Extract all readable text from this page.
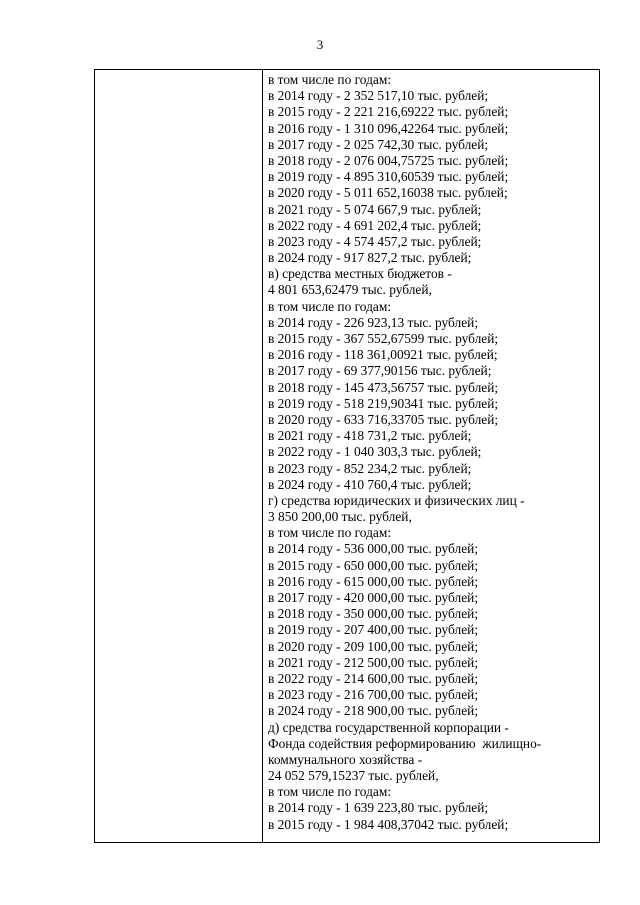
3
в том числе по годам:
в 2014 году - 2 352 517,10 тыс. рублей;
в 2015 году - 2 221 216,69222 тыс. рублей;
в 2016 году - 1 310 096,42264 тыс. рублей;
в 2017 году - 2 025 742,30 тыс. рублей;
в 2018 году - 2 076 004,75725 тыс. рублей;
в 2019 году - 4 895 310,60539 тыс. рублей;
в 2020 году - 5 011 652,16038 тыс. рублей;
в 2021 году - 5 074 667,9 тыс. рублей;
в 2022 году - 4 691 202,4 тыс. рублей;
в 2023 году - 4 574 457,2 тыс. рублей;
в 2024 году - 917 827,2 тыс. рублей;
в) средства местных бюджетов -
4 801 653,62479 тыс. рублей,
в том числе по годам:
в 2014 году - 226 923,13 тыс. рублей;
в 2015 году - 367 552,67599 тыс. рублей;
в 2016 году - 118 361,00921 тыс. рублей;
в 2017 году - 69 377,90156 тыс. рублей;
в 2018 году - 145 473,56757 тыс. рублей;
в 2019 году - 518 219,90341 тыс. рублей;
в 2020 году - 633 716,33705 тыс. рублей;
в 2021 году - 418 731,2 тыс. рублей;
в 2022 году - 1 040 303,3 тыс. рублей;
в 2023 году - 852 234,2 тыс. рублей;
в 2024 году - 410 760,4 тыс. рублей;
г) средства юридических и физических лиц -
3 850 200,00 тыс. рублей,
в том числе по годам:
в 2014 году - 536 000,00 тыс. рублей;
в 2015 году - 650 000,00 тыс. рублей;
в 2016 году - 615 000,00 тыс. рублей;
в 2017 году - 420 000,00 тыс. рублей;
в 2018 году - 350 000,00 тыс. рублей;
в 2019 году - 207 400,00 тыс. рублей;
в 2020 году - 209 100,00 тыс. рублей;
в 2021 году - 212 500,00 тыс. рублей;
в 2022 году - 214 600,00 тыс. рублей;
в 2023 году - 216 700,00 тыс. рублей;
в 2024 году - 218 900,00 тыс. рублей;
д) средства государственной корпорации -
Фонда содействия реформированию  жилищно-
коммунального хозяйства -
24 052 579,15237 тыс. рублей,
в том числе по годам:
в 2014 году - 1 639 223,80 тыс. рублей;
в 2015 году - 1 984 408,37042 тыс. рублей;
